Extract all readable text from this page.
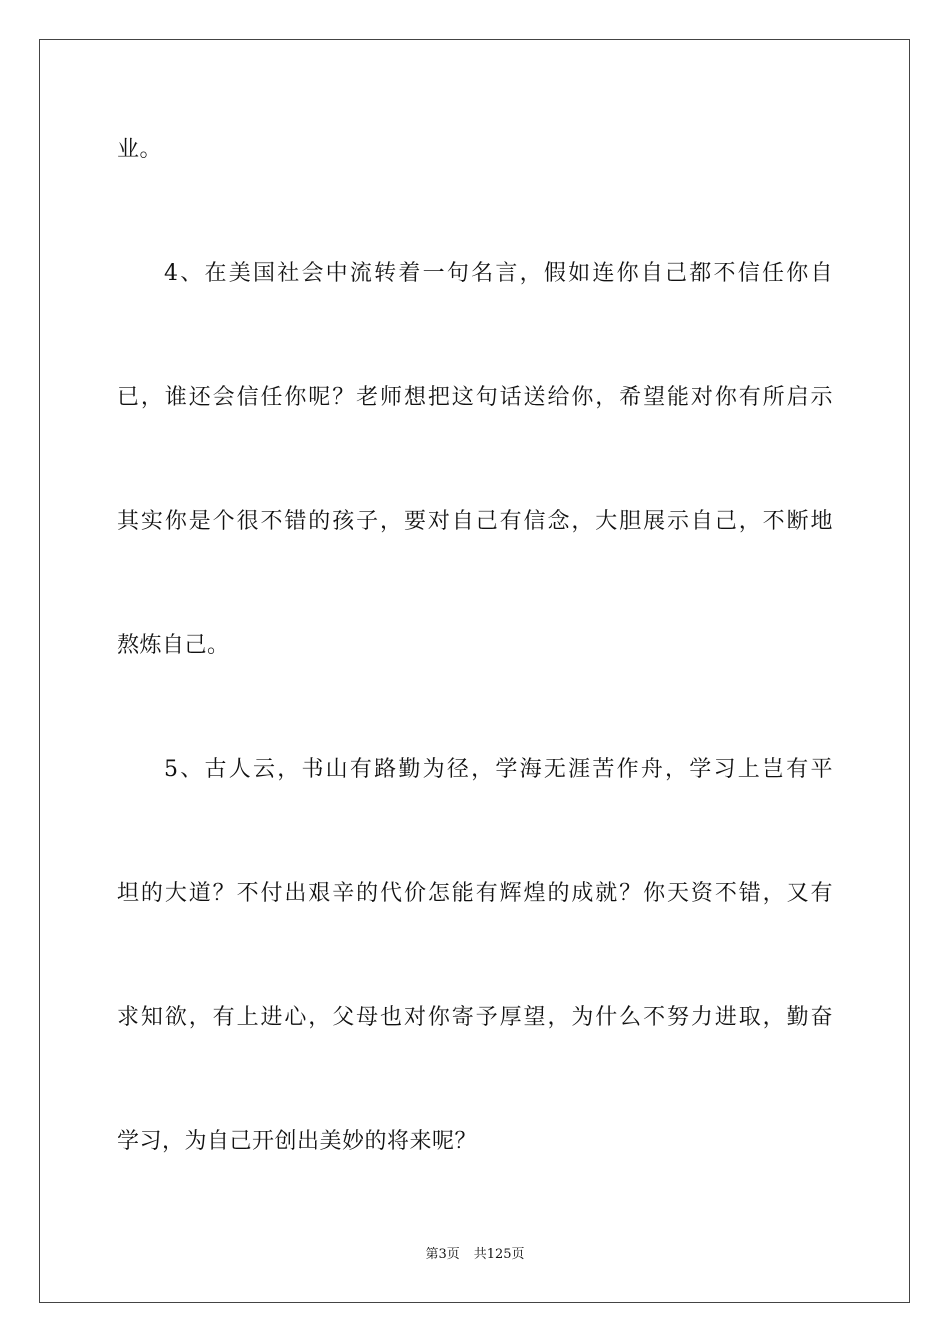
业。
4、在美国社会中流转着一句名言，假如连你自己都不信任你自
已，谁还会信任你呢？老师想把这句话送给你，希望能对你有所启示
其实你是个很不错的孩子，要对自己有信念，大胆展示自己，不断地
熬炼自己。
5、古人云，书山有路勤为径，学海无涯苦作舟，学习上岂有平
坦的大道？不付出艰辛的代价怎能有辉煌的成就？你天资不错，又有
求知欲，有上进心，父母也对你寄予厚望，为什么不努力进取，勤奋
学习，为自己开创出美妙的将来呢？
第3页 共125页
